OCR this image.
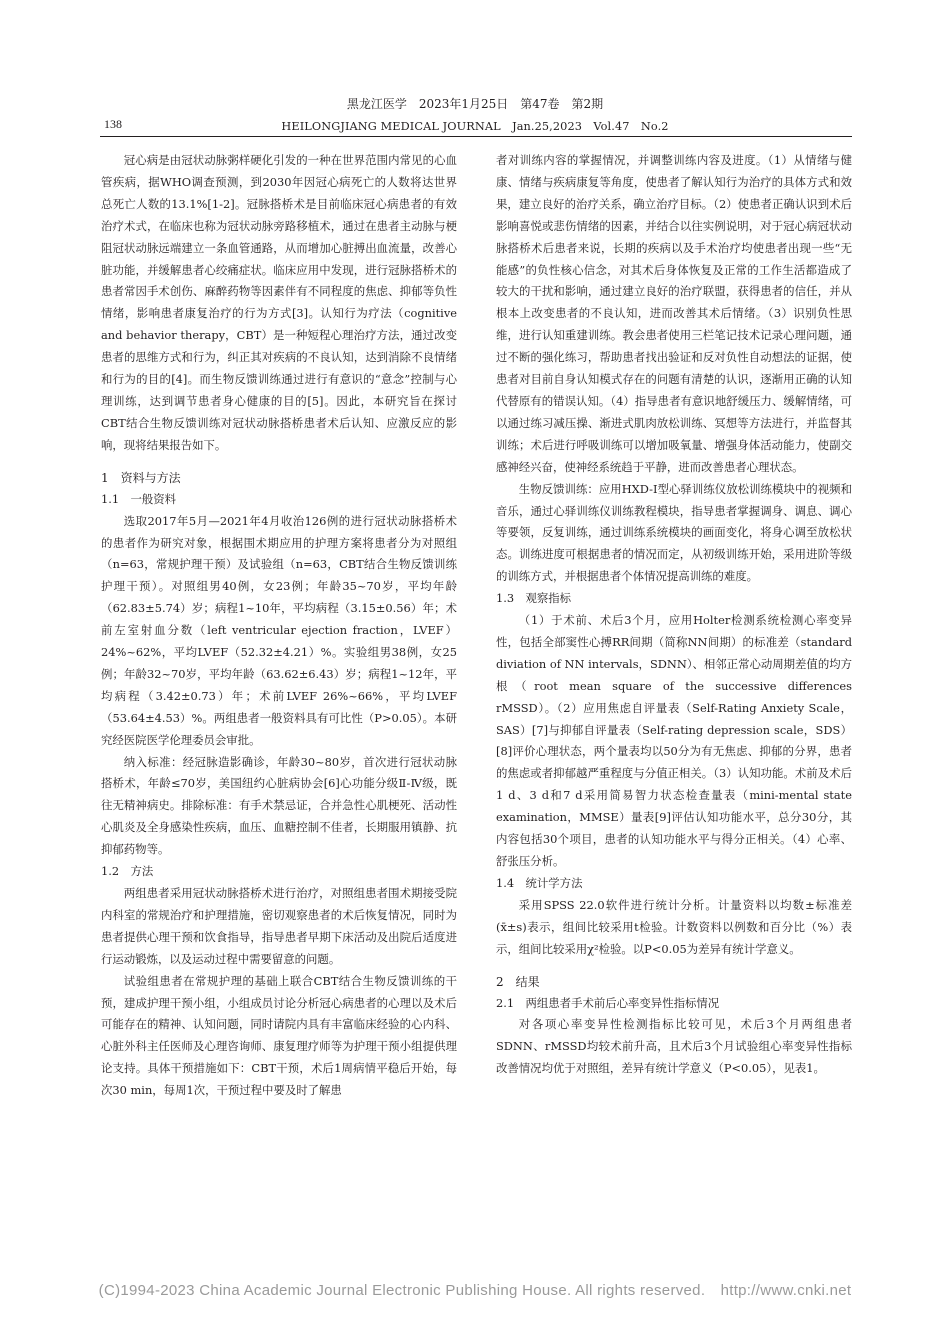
黑龙江医学　2023年1月25日　第47卷　第2期
138	HEILONGJIANG MEDICAL JOURNAL　Jan.25,2023　Vol.47　No.2

冠心病是由冠状动脉粥样硬化引发的一种在世界范围内常见的心血管疾病，据WHO调查预测，到2030年因冠心病死亡的人数将达世界总死亡人数的13.1%[1-2]。冠脉搭桥术是目前临床冠心病患者的有效治疗术式，在临床也称为冠状动脉旁路移植术，通过在患者主动脉与梗阻冠状动脉远端建立一条血管通路，从而增加心脏搏出血流量，改善心脏功能，并缓解患者心绞痛症状。临床应用中发现，进行冠脉搭桥术的患者常因手术创伤、麻醉药物等因素伴有不同程度的焦虑、抑郁等负性情绪，影响患者康复治疗的行为方式[3]。认知行为疗法（cognitive and behavior therapy，CBT）是一种短程心理治疗方法，通过改变患者的思维方式和行为，纠正其对疾病的不良认知，达到消除不良情绪和行为的目的[4]。而生物反馈训练通过进行有意识的“意念”控制与心理训练，达到调节患者身心健康的目的[5]。因此，本研究旨在探讨CBT结合生物反馈训练对冠状动脉搭桥患者术后认知、应激反应的影响，现将结果报告如下。

1　资料与方法

1.1　一般资料

选取2017年5月—2021年4月收治126例的进行冠状动脉搭桥术的患者作为研究对象，根据围术期应用的护理方案将患者分为对照组（n=63，常规护理干预）及试验组（n=63，CBT结合生物反馈训练护理干预）。对照组男40例，女23例；年龄35~70岁，平均年龄（62.83±5.74）岁；病程1~10年，平均病程（3.15±0.56）年；术前左室射血分数（left ventricular ejection fraction，LVEF）24%~62%，平均LVEF（52.32±4.21）%。实验组男38例，女25例；年龄32~70岁，平均年龄（63.62±6.43）岁；病程1~12年，平均病程（3.42±0.73）年；术前LVEF 26%~66%，平均LVEF（53.64±4.53）%。两组患者一般资料具有可比性（P>0.05）。本研究经医院医学伦理委员会审批。

纳入标准：经冠脉造影确诊，年龄30~80岁，首次进行冠状动脉搭桥术，年龄≤70岁，美国纽约心脏病协会[6]心功能分级Ⅱ-Ⅳ级，既往无精神病史。排除标准：有手术禁忌证，合并急性心肌梗死、活动性心肌炎及全身感染性疾病，血压、血糖控制不佳者，长期服用镇静、抗抑郁药物等。

1.2　方法

两组患者采用冠状动脉搭桥术进行治疗，对照组患者围术期接受院内科室的常规治疗和护理措施，密切观察患者的术后恢复情况，同时为患者提供心理干预和饮食指导，指导患者早期下床活动及出院后适度进行运动锻炼，以及运动过程中需要留意的问题。

试验组患者在常规护理的基础上联合CBT结合生物反馈训练的干预，建成护理干预小组，小组成员讨论分析冠心病患者的心理以及术后可能存在的精神、认知问题，同时请院内具有丰富临床经验的心内科、心脏外科主任医师及心理咨询师、康复理疗师等为护理干预小组提供理论支持。具体干预措施如下：CBT干预，术后1周病情平稳后开始，每次30 min，每周1次，干预过程中要及时了解患

者对训练内容的掌握情况，并调整训练内容及进度。（1）从情绪与健康、情绪与疾病康复等角度，使患者了解认知行为治疗的具体方式和效果，建立良好的治疗关系，确立治疗目标。（2）使患者正确认识到术后影响喜悦或悲伤情绪的因素，并结合以往实例说明，对于冠心病冠状动脉搭桥术后患者来说，长期的疾病以及手术治疗均使患者出现一些“无能感”的负性核心信念，对其术后身体恢复及正常的工作生活都造成了较大的干扰和影响，通过建立良好的治疗联盟，获得患者的信任，并从根本上改变患者的不良认知，进而改善其术后情绪。（3）识别负性思维，进行认知重建训练。教会患者使用三栏笔记技术记录心理问题，通过不断的强化练习，帮助患者找出验证和反对负性自动想法的证据，使患者对目前自身认知模式存在的问题有清楚的认识，逐渐用正确的认知代替原有的错误认知。（4）指导患者有意识地舒缓压力、缓解情绪，可以通过练习减压操、渐进式肌肉放松训练、冥想等方法进行，并监督其训练；术后进行呼吸训练可以增加吸氧量、增强身体活动能力，使副交感神经兴奋，使神经系统趋于平静，进而改善患者心理状态。

生物反馈训练：应用HXD-Ⅰ型心驿训练仪放松训练模块中的视频和音乐，通过心驿训练仪训练教程模块，指导患者掌握调身、调息、调心等要领，反复训练，通过训练系统模块的画面变化，将身心调至放松状态。训练进度可根据患者的情况而定，从初级训练开始，采用进阶等级的训练方式，并根据患者个体情况提高训练的难度。

1.3　观察指标

（1）于术前、术后3个月，应用Holter检测系统检测心率变异性，包括全部窦性心搏RR间期（简称NN间期）的标准差（standard diviation of NN intervals，SDNN）、相邻正常心动周期差值的均方根（root mean square of the successive differences rMSSD）。（2）应用焦虑自评量表（Self-Rating Anxiety Scale，SAS）[7]与抑郁自评量表（Self-rating depression scale，SDS）[8]评价心理状态，两个量表均以50分为有无焦虑、抑郁的分界，患者的焦虑或者抑郁越严重程度与分值正相关。（3）认知功能。术前及术后1 d、3 d和7 d采用简易智力状态检查量表（mini-mental state examination，MMSE）量表[9]评估认知功能水平，总分30分，其内容包括30个项目，患者的认知功能水平与得分正相关。（4）心率、舒张压分析。

1.4　统计学方法

采用SPSS 22.0软件进行统计分析。计量资料以均数±标准差(x̄±s)表示，组间比较采用t检验。计数资料以例数和百分比（%）表示，组间比较采用χ²检验。以P<0.05为差异有统计学意义。

2　结果

2.1　两组患者手术前后心率变异性指标情况

对各项心率变异性检测指标比较可见，术后3个月两组患者SDNN、rMSSD均较术前升高，且术后3个月试验组心率变异性指标改善情况均优于对照组，差异有统计学意义（P<0.05），见表1。

(C)1994-2023 China Academic Journal Electronic Publishing House. All rights reserved.　http://www.cnki.net
